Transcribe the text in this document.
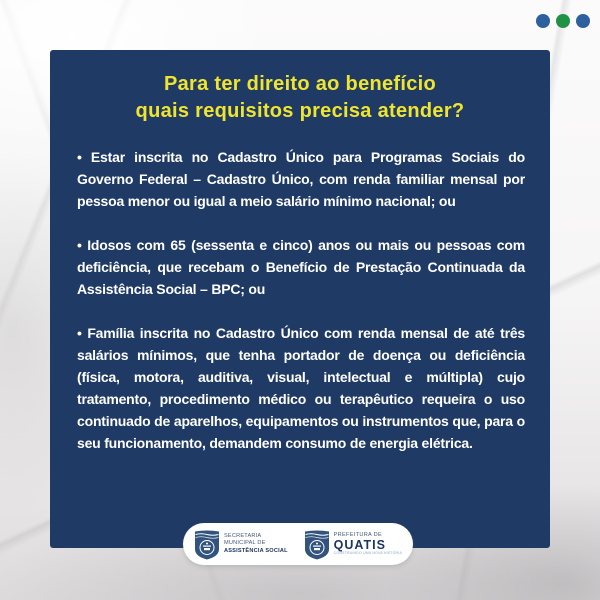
Para ter direito ao benefício
quais requisitos precisa atender?

• Estar inscrita no Cadastro Único para Programas Sociais do Governo Federal – Cadastro Único, com renda familiar mensal por pessoa menor ou igual a meio salário mínimo nacional; ou

• Idosos com 65 (sessenta e cinco) anos ou mais ou pessoas com deficiência, que recebam o Benefício de Prestação Continuada da Assistência Social – BPC; ou

• Família inscrita no Cadastro Único com renda mensal de até três salários mínimos, que tenha portador de doença ou deficiência (física, motora, auditiva, visual, intelectual e múltipla) cujo tratamento, procedimento médico ou terapêutico requeira o uso continuado de aparelhos, equipamentos ou instrumentos que, para o seu funcionamento, demandem consumo de energia elétrica.

SECRETARIA
MUNICIPAL DE
ASSISTÊNCIA SOCIAL
PREFEITURA DE
QUATIS
CONSTRUINDO UMA NOVA HISTÓRIA
